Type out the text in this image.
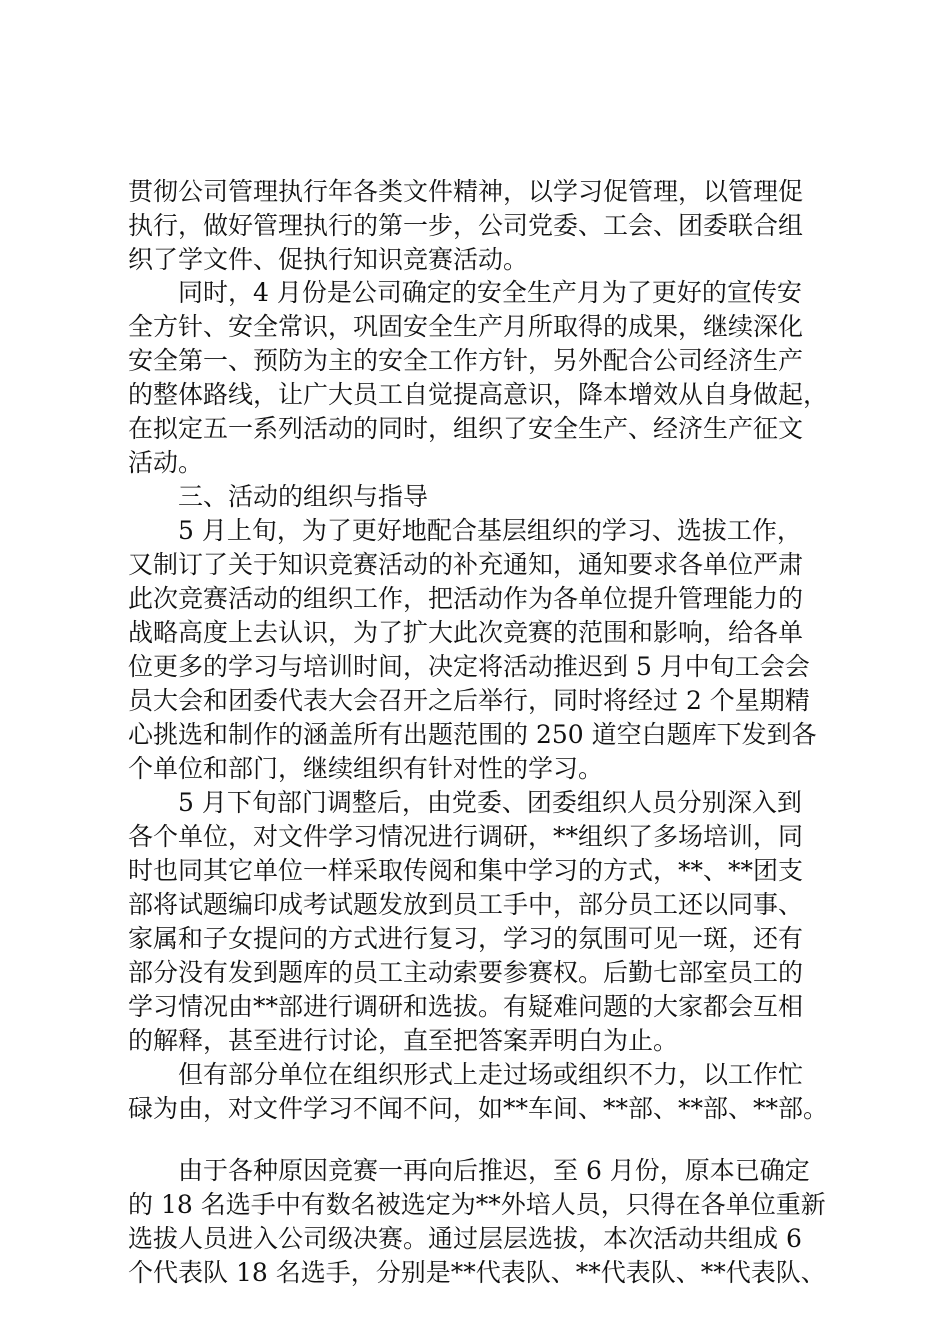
贯彻公司管理执行年各类文件精神，以学习促管理，以管理促
执行，做好管理执行的第一步，公司党委、工会、团委联合组
织了学文件、促执行知识竞赛活动。
　　同时，4 月份是公司确定的安全生产月为了更好的宣传安
全方针、安全常识，巩固安全生产月所取得的成果，继续深化
安全第一、预防为主的安全工作方针，另外配合公司经济生产
的整体路线，让广大员工自觉提高意识，降本增效从自身做起，
在拟定五一系列活动的同时，组织了安全生产、经济生产征文
活动。
　　三、活动的组织与指导
　　5 月上旬，为了更好地配合基层组织的学习、选拔工作，
又制订了关于知识竞赛活动的补充通知，通知要求各单位严肃
此次竞赛活动的组织工作，把活动作为各单位提升管理能力的
战略高度上去认识，为了扩大此次竞赛的范围和影响，给各单
位更多的学习与培训时间，决定将活动推迟到 5 月中旬工会会
员大会和团委代表大会召开之后举行，同时将经过 2 个星期精
心挑选和制作的涵盖所有出题范围的 250 道空白题库下发到各
个单位和部门，继续组织有针对性的学习。
　　5 月下旬部门调整后，由党委、团委组织人员分别深入到
各个单位，对文件学习情况进行调研，**组织了多场培训，同
时也同其它单位一样采取传阅和集中学习的方式，**、**团支
部将试题编印成考试题发放到员工手中，部分员工还以同事、
家属和子女提问的方式进行复习，学习的氛围可见一斑，还有
部分没有发到题库的员工主动索要参赛权。后勤七部室员工的
学习情况由**部进行调研和选拔。有疑难问题的大家都会互相
的解释，甚至进行讨论，直至把答案弄明白为止。
　　但有部分单位在组织形式上走过场或组织不力，以工作忙
碌为由，对文件学习不闻不问，如**车间、**部、**部、**部。
　　由于各种原因竞赛一再向后推迟，至 6 月份，原本已确定
的 18 名选手中有数名被选定为**外培人员，只得在各单位重新
选拔人员进入公司级决赛。通过层层选拔，本次活动共组成 6
个代表队 18 名选手，分别是**代表队、**代表队、**代表队、
